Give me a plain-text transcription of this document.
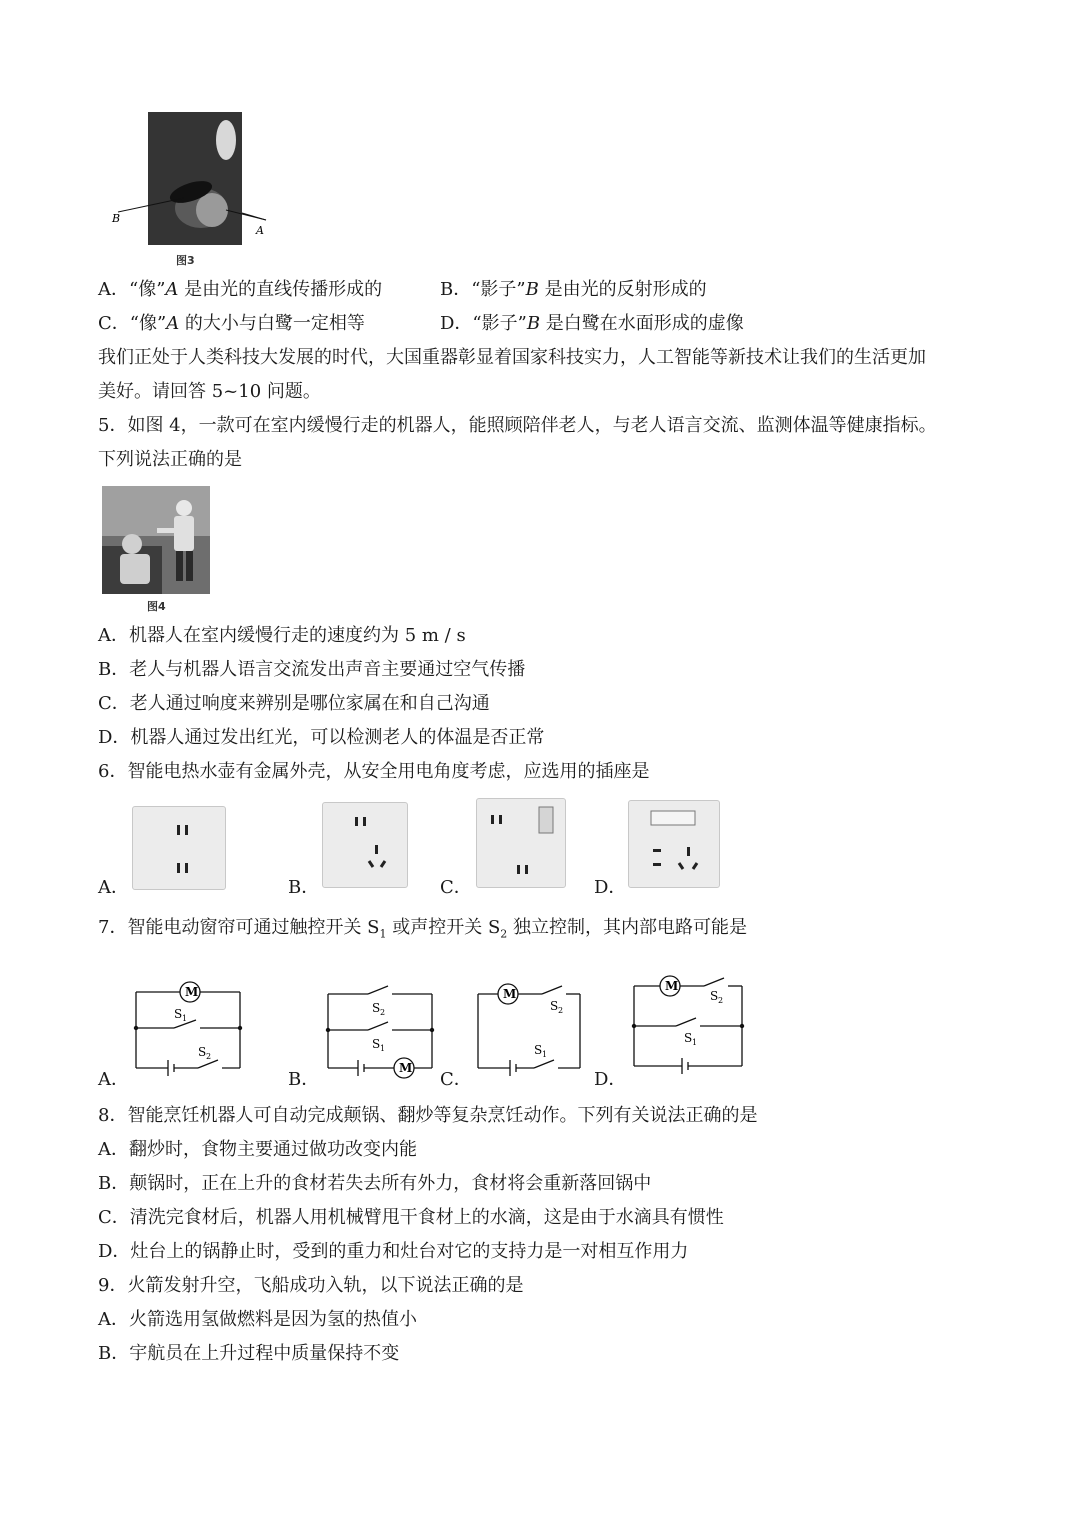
B
A
图3
A．“像”A 是由光的直线传播形成的	B．“影子”B 是由光的反射形成的
C．“像”A 的大小与白鹭一定相等	D．“影子”B 是白鹭在水面形成的虚像
我们正处于人类科技大发展的时代，大国重器彰显着国家科技实力，人工智能等新技术让我们的生活更加
美好。请回答 5~10 问题。
5．如图 4，一款可在室内缓慢行走的机器人，能照顾陪伴老人，与老人语言交流、监测体温等健康指标。
下列说法正确的是
图4
A．机器人在室内缓慢行走的速度约为 5 m / s
B．老人与机器人语言交流发出声音主要通过空气传播
C．老人通过响度来辨别是哪位家属在和自己沟通
D．机器人通过发出红光，可以检测老人的体温是否正常
6．智能电热水壶有金属外壳，从安全用电角度考虑，应选用的插座是
A．	B．	C．	D．
7．智能电动窗帘可通过触控开关 $S_1$ 或声控开关 $S_2$ 独立控制，其内部电路可能是
A．
M
S 1
S 2
B．
S 2
S 1
M
C．
M
S 2
S 1
D．
M
S 2
S 1
8．智能烹饪机器人可自动完成颠锅、翻炒等复杂烹饪动作。下列有关说法正确的是
A．翻炒时，食物主要通过做功改变内能
B．颠锅时，正在上升的食材若失去所有外力，食材将会重新落回锅中
C．清洗完食材后，机器人用机械臂甩干食材上的水滴，这是由于水滴具有惯性
D．灶台上的锅静止时，受到的重力和灶台对它的支持力是一对相互作用力
9．火箭发射升空，飞船成功入轨，以下说法正确的是
A．火箭选用氢做燃料是因为氢的热值小
B．宇航员在上升过程中质量保持不变
